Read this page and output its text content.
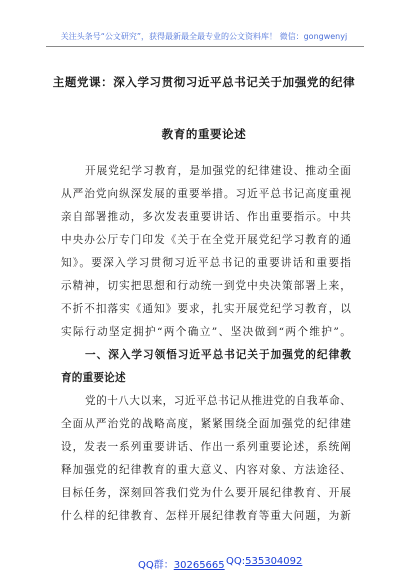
关注头条号“公文研究”，获得最新最全最专业的公文资料库！ 微信：gongwenyj
主题党课：深入学习贯彻习近平总书记关于加强党的纪律
教育的重要论述
开展党纪学习教育，是加强党的纪律建设、推动全面
从严治党向纵深发展的重要举措。习近平总书记高度重视
亲自部署推动，多次发表重要讲话、作出重要指示。中共
中央办公厅专门印发《关于在全党开展党纪学习教育的通
知》。要深入学习贯彻习近平总书记的重要讲话和重要指
示精神，切实把思想和行动统一到党中央决策部署上来，
不折不扣落实《通知》要求，扎实开展党纪学习教育，以
实际行动坚定拥护“两个确立”、坚决做到“两个维护”。
一、深入学习领悟习近平总书记关于加强党的纪律教
育的重要论述
党的十八大以来，习近平总书记从推进党的自我革命、
全面从严治党的战略高度，紧紧围绕全面加强党的纪律建
设，发表一系列重要讲话、作出一系列重要论述，系统阐
释加强党的纪律教育的重大意义、内容对象、方法途径、
目标任务，深刻回答我们党为什么要开展纪律教育、开展
什么样的纪律教育、怎样开展纪律教育等重大问题，为新
QQ群：30265665 QQ:535304092
